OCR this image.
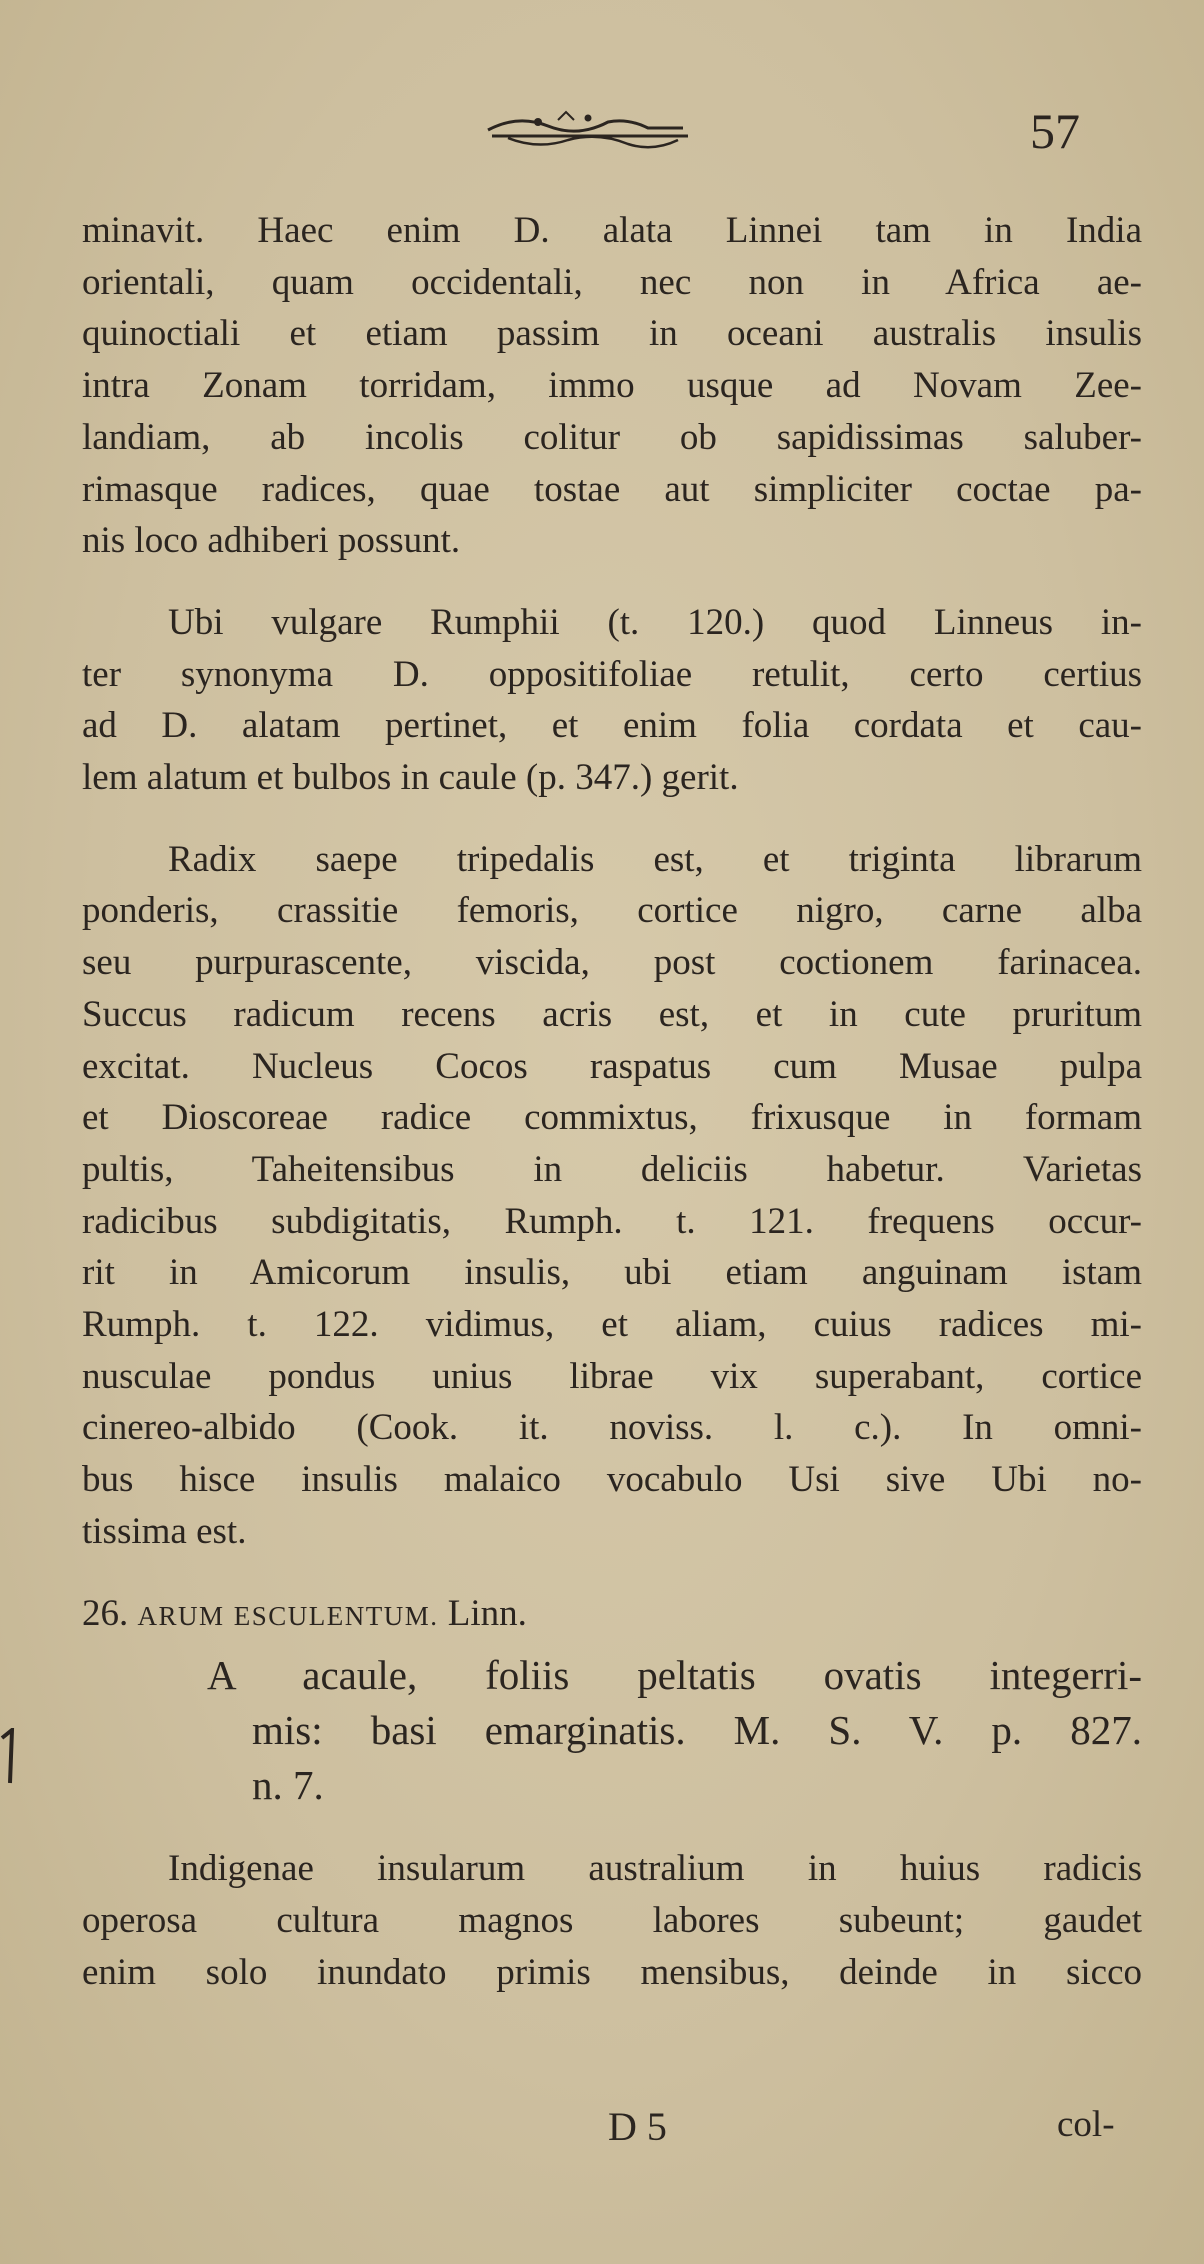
57
minavit. Haec enim D. alata Linnei tam in India
orientali, quam occidentali, nec non in Africa ae-
quinoctiali et etiam passim in oceani australis insulis
intra Zonam torridam, immo usque ad Novam Zee-
landiam, ab incolis colitur ob sapidissimas saluber-
rimasque radices, quae tostae aut simpliciter coctae pa-
nis loco adhiberi possunt.
Ubi vulgare Rumphii (t. 120.) quod Linneus in-
ter synonyma D. oppositifoliae retulit, certo certius
ad D. alatam pertinet, et enim folia cordata et cau-
lem alatum et bulbos in caule (p. 347.) gerit.
Radix saepe tripedalis est, et triginta librarum
ponderis, crassitie femoris, cortice nigro, carne alba
seu purpurascente, viscida, post coctionem farinacea.
Succus radicum recens acris est, et in cute pruritum
excitat. Nucleus Cocos raspatus cum Musae pulpa
et Dioscoreae radice commixtus, frixusque in formam
pultis, Taheitensibus in deliciis habetur. Varietas
radicibus subdigitatis, Rumph. t. 121. frequens occur-
rit in Amicorum insulis, ubi etiam anguinam istam
Rumph. t. 122. vidimus, et aliam, cuius radices mi-
nusculae pondus unius librae vix superabant, cortice
cinereo-albido (Cook. it. noviss. l. c.). In omni-
bus hisce insulis malaico vocabulo Usi sive Ubi no-
tissima est.
26. ARUM ESCULENTUM. Linn.
A acaule, foliis peltatis ovatis integerri-
mis: basi emarginatis. M. S. V. p. 827.
n. 7.
Indigenae insularum australium in huius radicis
operosa cultura magnos labores subeunt; gaudet
enim solo inundato primis mensibus, deinde in sicco
D 5	col-
